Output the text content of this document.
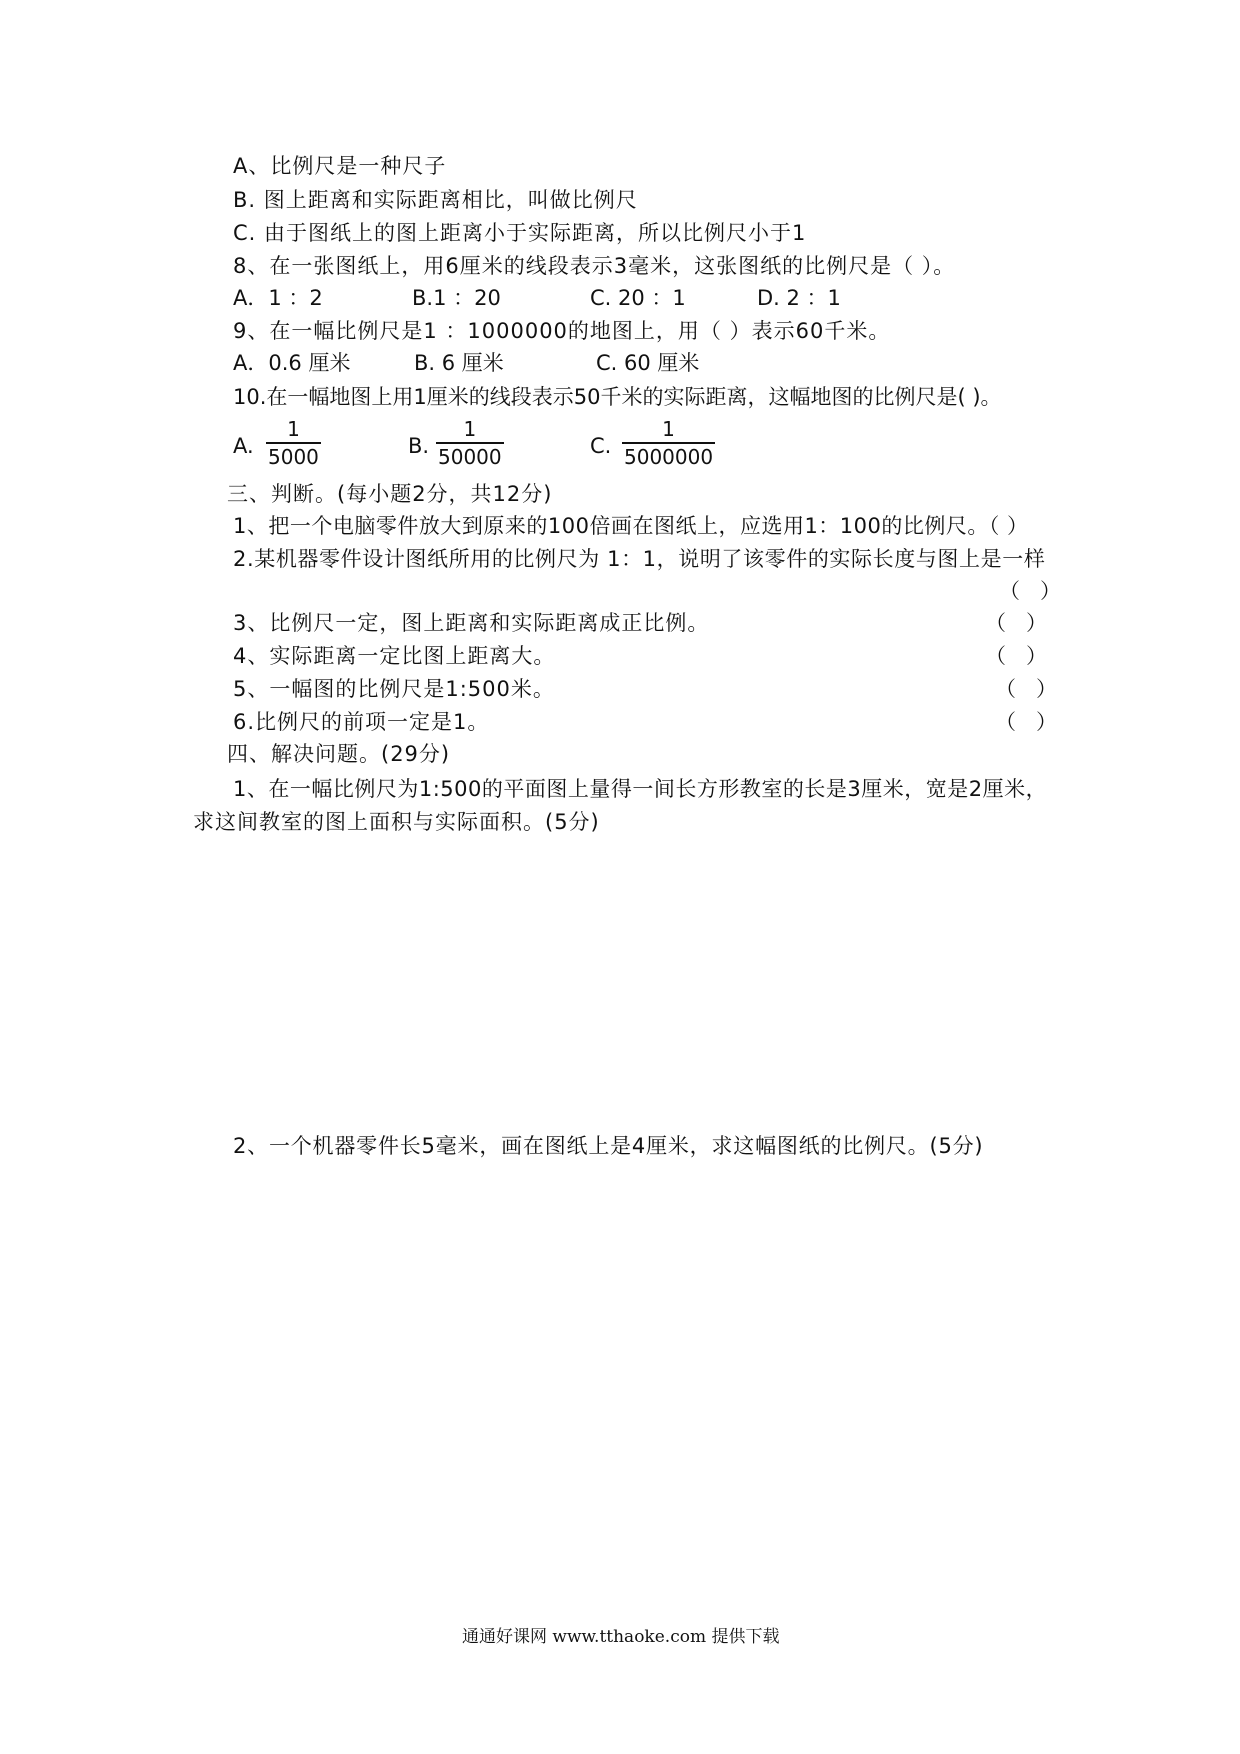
A、比例尺是一种尺子
B. 图上距离和实际距离相比，叫做比例尺
C. 由于图纸上的图上距离小于实际距离，所以比例尺小于1
8、在一张图纸上，用6厘米的线段表示3毫米，这张图纸的比例尺是（ ）。
A．1 ：2	B.1 ：20	C. 20 ：1	D. 2 ：1
9、在一幅比例尺是1 ：1000000的地图上，用（ ）表示60千米。
A．0.6 厘米	B. 6 厘米	C. 60 厘米
10.在一幅地图上用1厘米的线段表示50千米的实际距离，这幅地图的比例尺是( )。
A.
1
5000	B.
1
50000	C.
1
5000000
三、判断。(每小题2分，共12分)
1、把一个电脑零件放大到原来的100倍画在图纸上，应选用1：100的比例尺。（ ）
2.某机器零件设计图纸所用的比例尺为 1：1，说明了该零件的实际长度与图上是一样
（   ）
3、比例尺一定，图上距离和实际距离成正比例。	（   ）
4、实际距离一定比图上距离大。	（   ）
5、一幅图的比例尺是1:500米。	（   ）
6.比例尺的前项一定是1。	（   ）
四、解决问题。(29分)
1、在一幅比例尺为1:500的平面图上量得一间长方形教室的长是3厘米，宽是2厘米，
求这间教室的图上面积与实际面积。(5分)
2、一个机器零件长5毫米，画在图纸上是4厘米，求这幅图纸的比例尺。(5分)
通通好课网 www.tthaoke.com 提供下载
